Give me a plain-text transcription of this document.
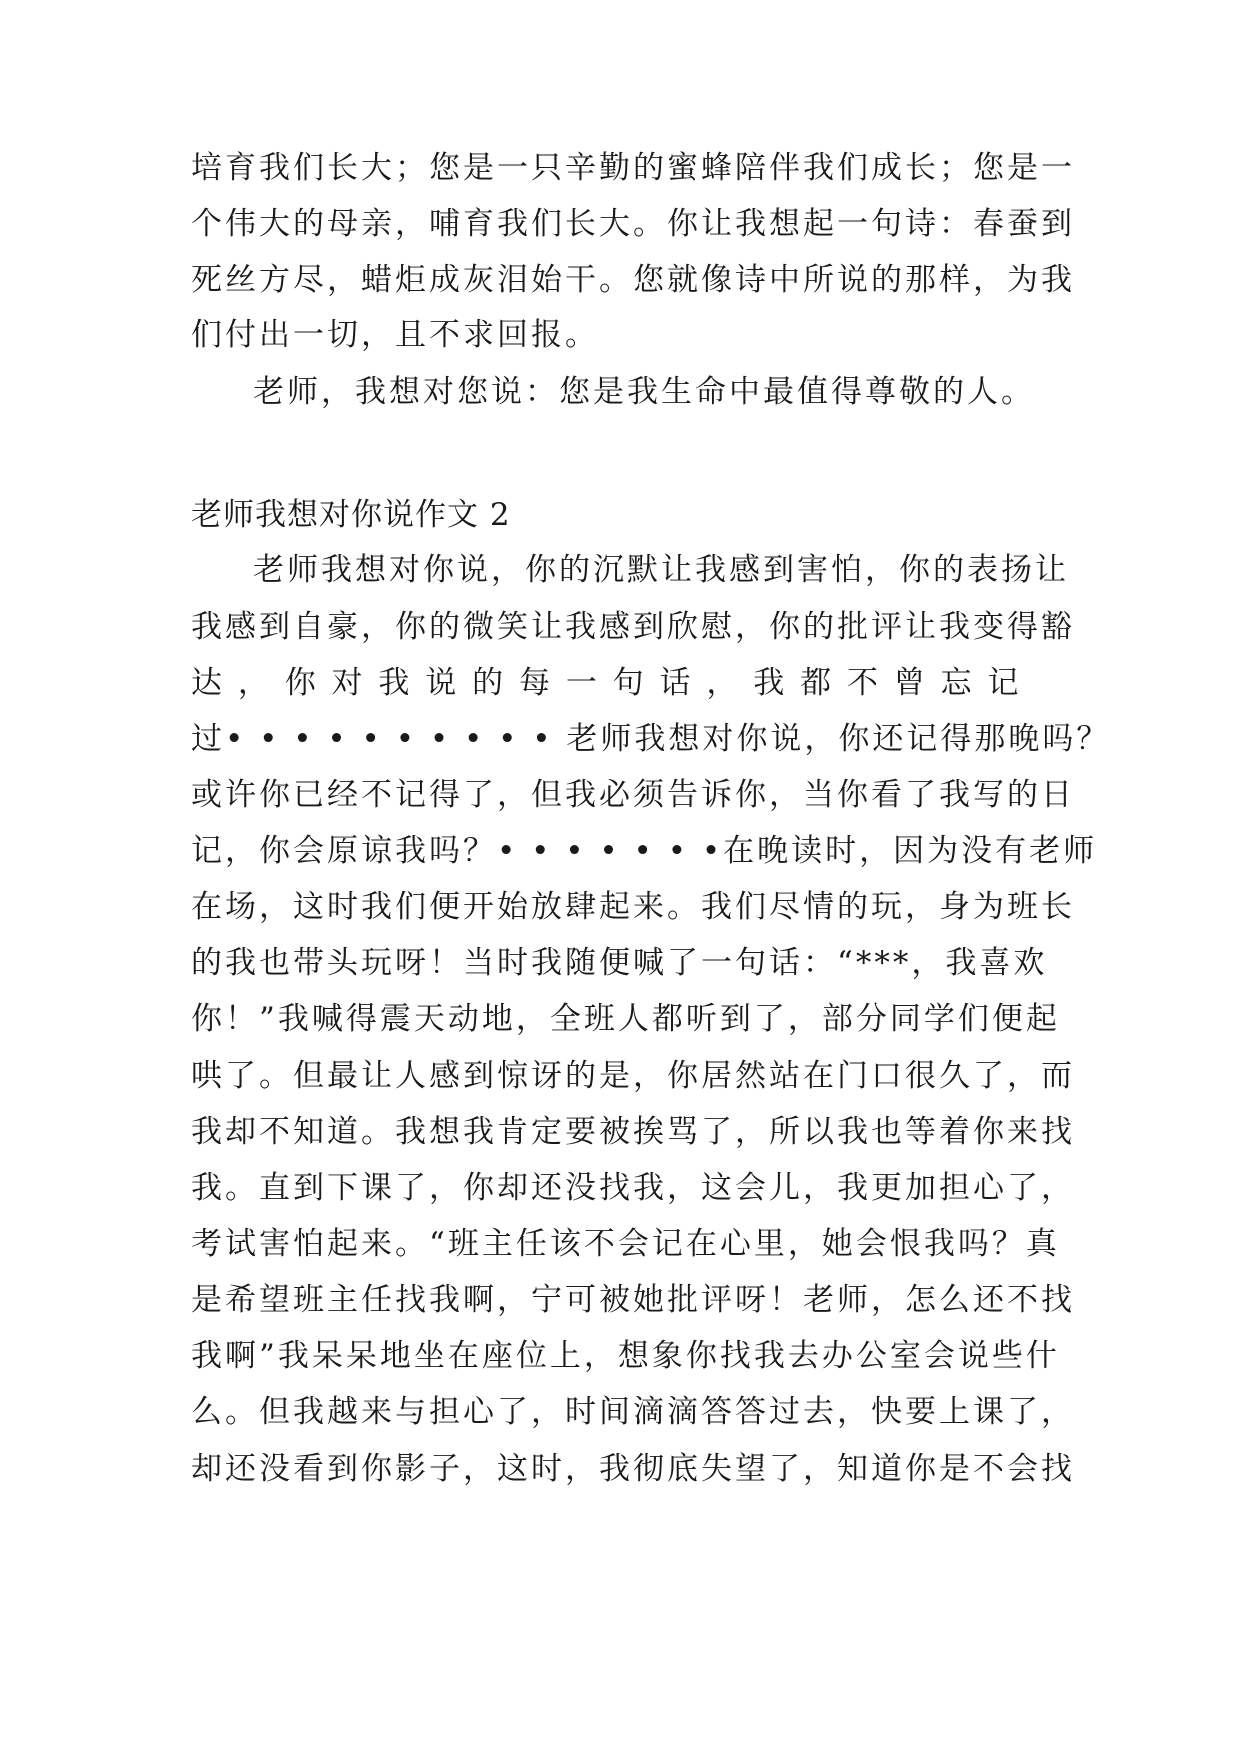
培育我们长大；您是一只辛勤的蜜蜂陪伴我们成长；您是一
个伟大的母亲，哺育我们长大。你让我想起一句诗：春蚕到
死丝方尽，蜡炬成灰泪始干。您就像诗中所说的那样，为我
们付出一切，且不求回报。
老师，我想对您说：您是我生命中最值得尊敬的人。
老师我想对你说作文 2
老师我想对你说，你的沉默让我感到害怕，你的表扬让
我感到自豪，你的微笑让我感到欣慰，你的批评让我变得豁
达 ， 你 对 我 说 的 每 一 句 话 ， 我 都 不 曾 忘 记
过• • • • • • • • • • 老师我想对你说，你还记得那晚吗？
或许你已经不记得了，但我必须告诉你，当你看了我写的日
记，你会原谅我吗？• • • • • • •在晚读时，因为没有老师
在场，这时我们便开始放肆起来。我们尽情的玩，身为班长
的我也带头玩呀！当时我随便喊了一句话：“***，我喜欢
你！”我喊得震天动地，全班人都听到了，部分同学们便起
哄了。但最让人感到惊讶的是，你居然站在门口很久了，而
我却不知道。我想我肯定要被挨骂了，所以我也等着你来找
我。直到下课了，你却还没找我，这会儿，我更加担心了，
考试害怕起来。“班主任该不会记在心里，她会恨我吗？真
是希望班主任找我啊，宁可被她批评呀！老师，怎么还不找
我啊”我呆呆地坐在座位上，想象你找我去办公室会说些什
么。但我越来与担心了，时间滴滴答答过去，快要上课了，
却还没看到你影子，这时，我彻底失望了，知道你是不会找
